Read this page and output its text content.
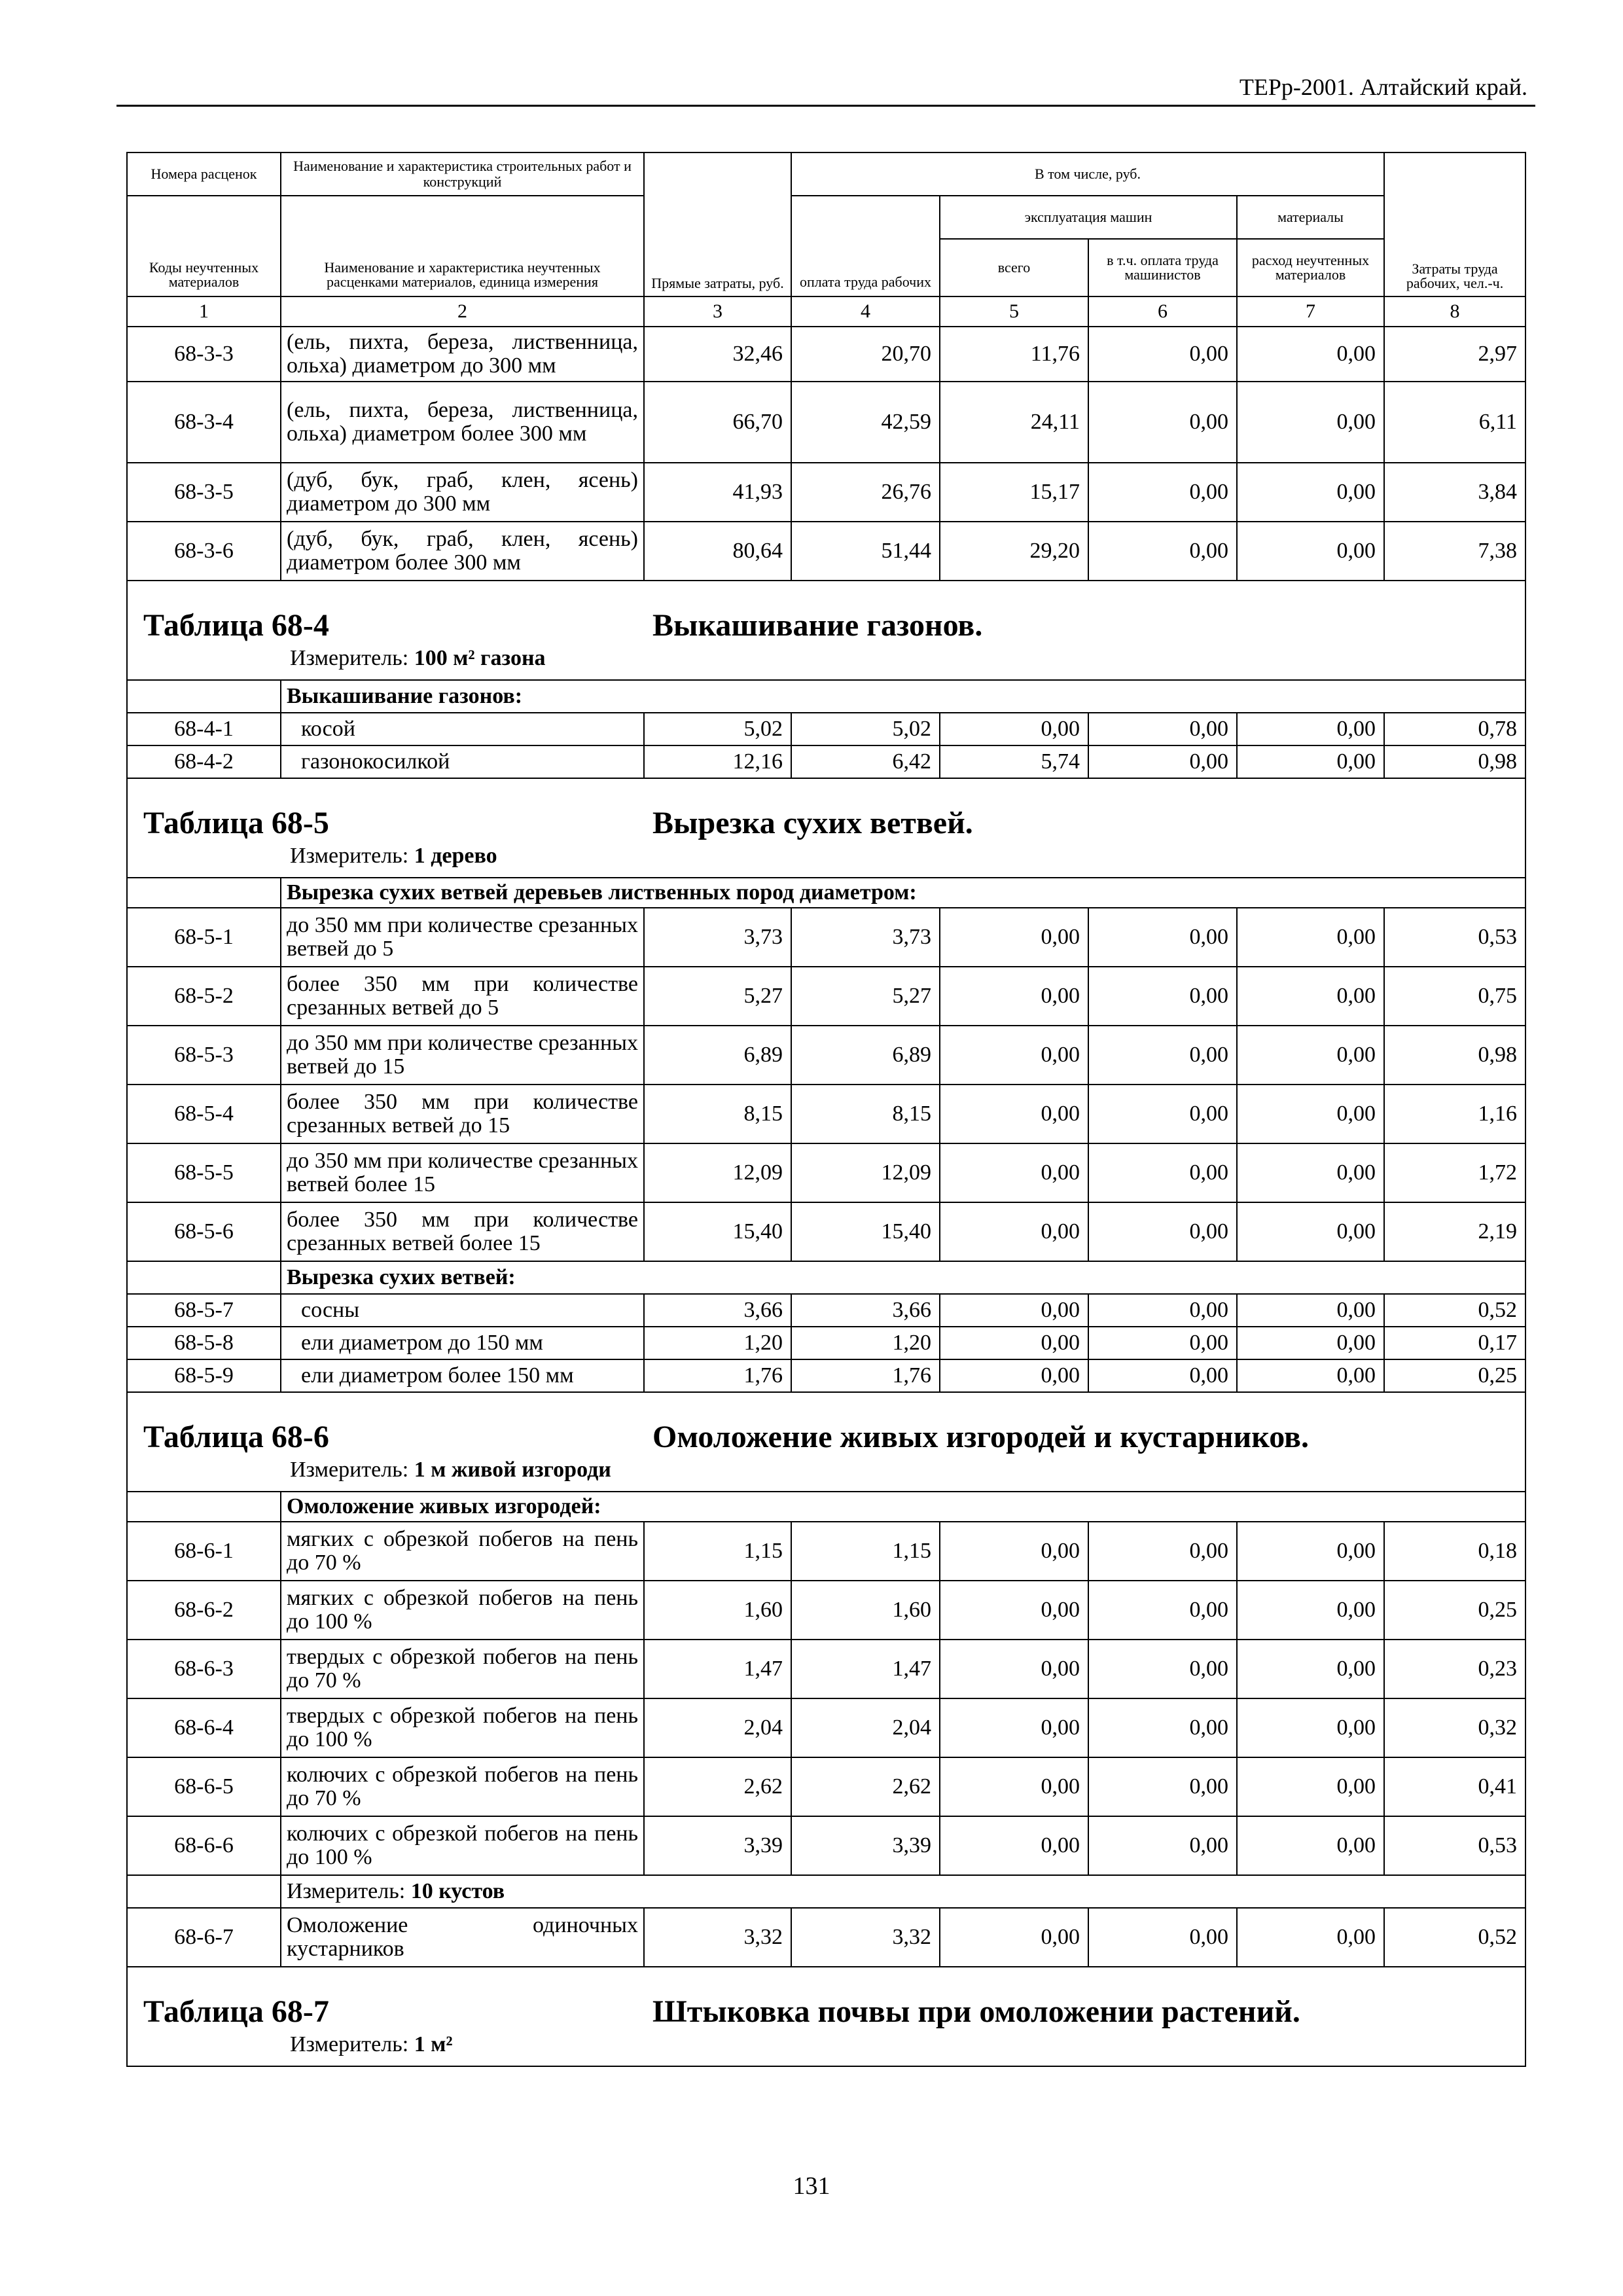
ТЕРр-2001. Алтайский край.
Номера расценок	Наименование и характеристика строительных работ и конструкций	Прямые затраты, руб.	В том числе, руб.				Затраты труда рабочих, чел.-ч.
Коды неучтенных материалов	Наименование и характеристика неучтенных расценками материалов, единица измерения		оплата труда рабочих	эксплуатация машин		материалы	
				всего	в т.ч. оплата труда машинистов	расход неучтенных материалов	
1	2	3	4	5	6	7	8
68-3-3	(ель, пихта, береза, лиственница, ольха) диаметром до 300 мм	32,46	20,70	11,76	0,00	0,00	2,97
68-3-4	(ель, пихта, береза, лиственница, ольха) диаметром более 300 мм	66,70	42,59	24,11	0,00	0,00	6,11
68-3-5	(дуб, бук, граб, клен, ясень) диаметром до 300 мм	41,93	26,76	15,17	0,00	0,00	3,84
68-3-6	(дуб, бук, граб, клен, ясень) диаметром более 300 мм	80,64	51,44	29,20	0,00	0,00	7,38

Таблица 68-4 Выкашивание газонов.
Измеритель: 100 м² газона							

	Выкашивание газонов:						
68-4-1	косой	5,02	5,02	0,00	0,00	0,00	0,78
68-4-2	газонокосилкой	12,16	6,42	5,74	0,00	0,00	0,98

Таблица 68-5 Вырезка сухих ветвей.
Измеритель: 1 дерево							

	Вырезка сухих ветвей деревьев лиственных пород диаметром:						
68-5-1	до 350 мм при количестве срезанных ветвей до 5	3,73	3,73	0,00	0,00	0,00	0,53
68-5-2	более 350 мм при количестве срезанных ветвей до 5	5,27	5,27	0,00	0,00	0,00	0,75
68-5-3	до 350 мм при количестве срезанных ветвей до 15	6,89	6,89	0,00	0,00	0,00	0,98
68-5-4	более 350 мм при количестве срезанных ветвей до 15	8,15	8,15	0,00	0,00	0,00	1,16
68-5-5	до 350 мм при количестве срезанных ветвей более 15	12,09	12,09	0,00	0,00	0,00	1,72
68-5-6	более 350 мм при количестве срезанных ветвей более 15	15,40	15,40	0,00	0,00	0,00	2,19
	Вырезка сухих ветвей:						
68-5-7	сосны	3,66	3,66	0,00	0,00	0,00	0,52
68-5-8	ели диаметром до 150 мм	1,20	1,20	0,00	0,00	0,00	0,17
68-5-9	ели диаметром более 150 мм	1,76	1,76	0,00	0,00	0,00	0,25

Таблица 68-6 Омоложение живых изгородей и кустарников.
Измеритель: 1 м живой изгороди							

	Омоложение живых изгородей:						
68-6-1	мягких с обрезкой побегов на пень до 70 %	1,15	1,15	0,00	0,00	0,00	0,18
68-6-2	мягких с обрезкой побегов на пень до 100 %	1,60	1,60	0,00	0,00	0,00	0,25
68-6-3	твердых с обрезкой побегов на пень до 70 %	1,47	1,47	0,00	0,00	0,00	0,23
68-6-4	твердых с обрезкой побегов на пень до 100 %	2,04	2,04	0,00	0,00	0,00	0,32
68-6-5	колючих с обрезкой побегов на пень до 70 %	2,62	2,62	0,00	0,00	0,00	0,41
68-6-6	колючих с обрезкой побегов на пень до 100 %	3,39	3,39	0,00	0,00	0,00	0,53
	Измеритель: 10 кустов						
68-6-7	Омоложение одиночных кустарников	3,32	3,32	0,00	0,00	0,00	0,52

Таблица 68-7 Штыковка почвы при омоложении растений.
Измеритель: 1 м²							
131
